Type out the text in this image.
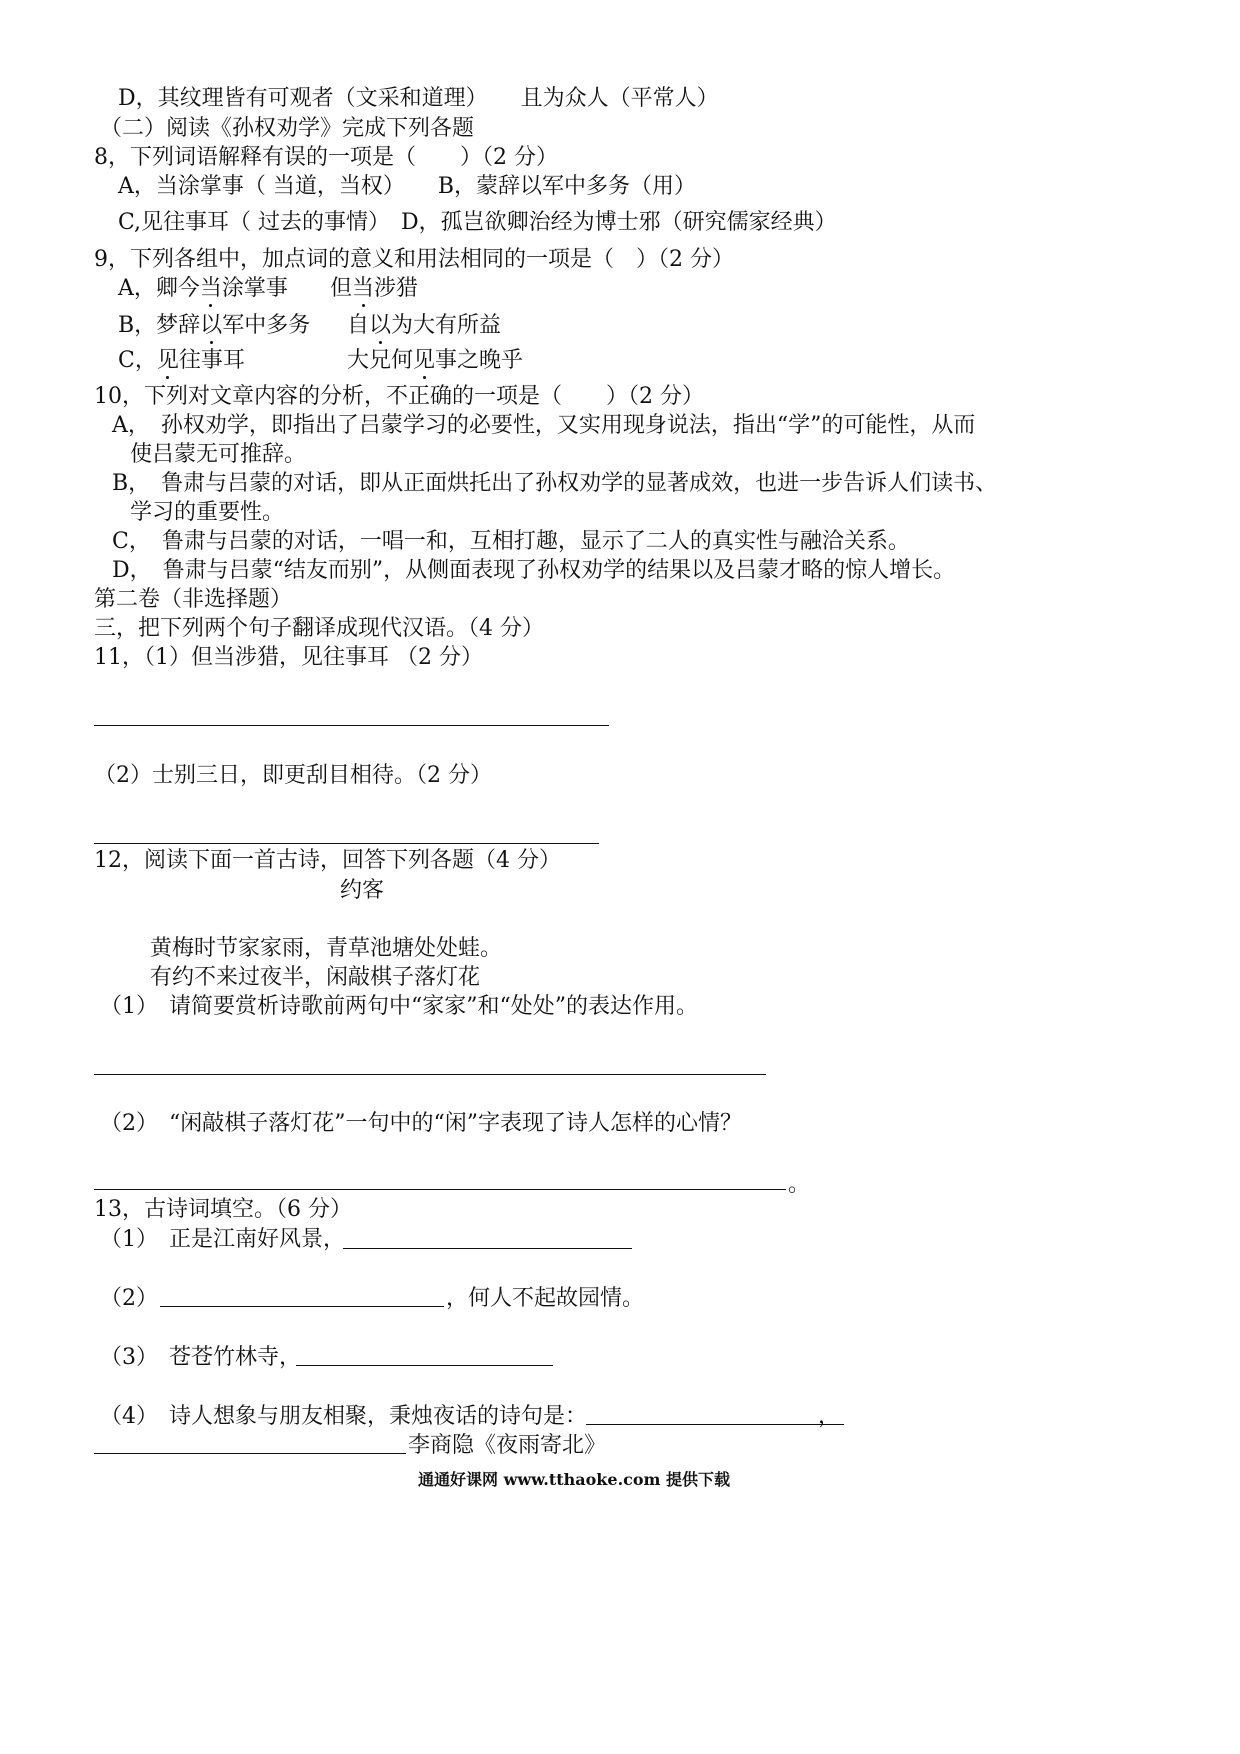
D，其纹理皆有可观者（文采和道理）　　且为众人（平常人）
（二）阅读《孙权劝学》完成下列各题
8，下列词语解释有误的一项是（　　）（2 分）
A，当涂掌事（ 当道，当权）　　B，蒙辞以军中多务（用）
C,见往事耳（ 过去的事情）　D，孤岂欲卿治经为博士邪（研究儒家经典）
9，下列各组中，加点词的意义和用法相同的一项是（　）（2 分）
A，卿今当涂掌事 但当涉猎
B，梦辞以军中多务 自以为大有所益
C，见往事耳	大兄何见事之晚乎
10，下列对文章内容的分析，不正确的一项是（　　）（2 分）
A，　孙权劝学，即指出了吕蒙学习的必要性，又实用现身说法，指出“学”的可能性，从而
使吕蒙无可推辞。
B，　鲁肃与吕蒙的对话，即从正面烘托出了孙权劝学的显著成效，也进一步告诉人们读书、
学习的重要性。
C，　鲁肃与吕蒙的对话，一唱一和，互相打趣，显示了二人的真实性与融洽关系。
D，　鲁肃与吕蒙“结友而别”，从侧面表现了孙权劝学的结果以及吕蒙才略的惊人增长。
第二卷（非选择题）
三，把下列两个句子翻译成现代汉语。（4 分）
11，（1）但当涉猎，见往事耳 （2 分）
（2）士别三日，即更刮目相待。（2 分）
12，阅读下面一首古诗，回答下列各题（4 分）
约客
黄梅时节家家雨，青草池塘处处蛙。
有约不来过夜半，闲敲棋子落灯花
（1）　请简要赏析诗歌前两句中“家家”和“处处”的表达作用。
（2）　“闲敲棋子落灯花”一句中的“闲”字表现了诗人怎样的心情？
。
13，古诗词填空。（6 分）
（1）　正是江南好风景，
（2）	，何人不起故园情。
（3）　苍苍竹林寺，
（4）　诗人想象与朋友相聚，秉烛夜话的诗句是：	，
李商隐《夜雨寄北》
通通好课网 www.tthaoke.com 提供下载
